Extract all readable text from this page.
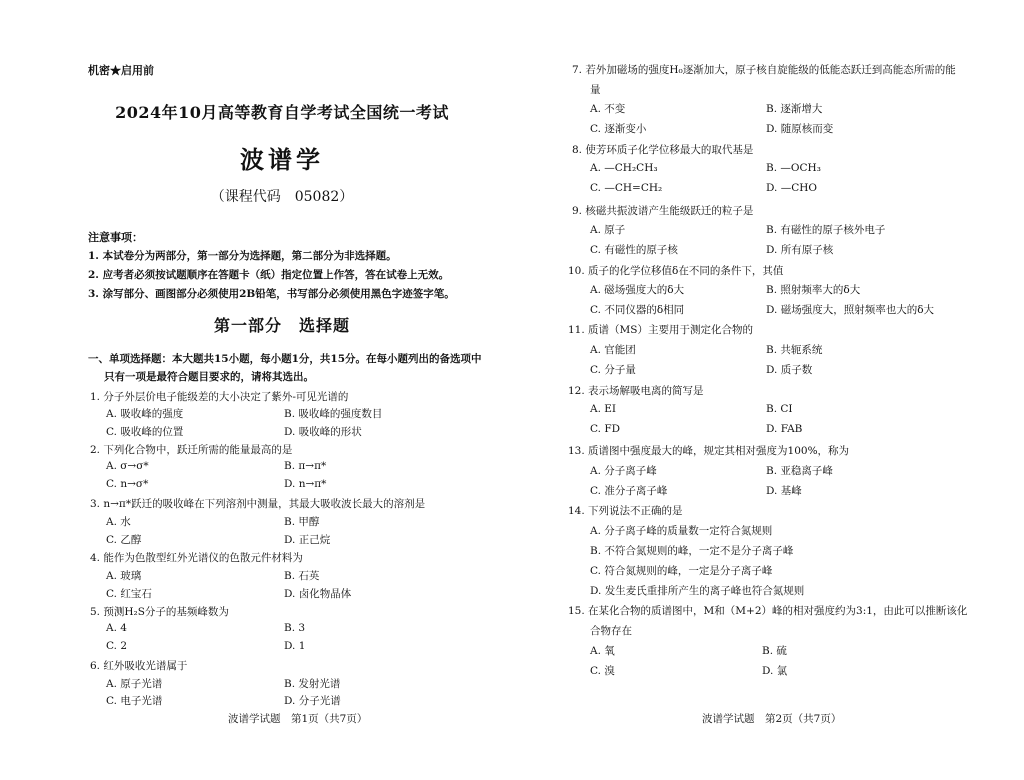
机密★启用前
2024年10月高等教育自学考试全国统一考试
波谱学
（课程代码　05082）
注意事项：
1. 本试卷分为两部分，第一部分为选择题，第二部分为非选择题。
2. 应考者必须按试题顺序在答题卡（纸）指定位置上作答，答在试卷上无效。
3. 涂写部分、画图部分必须使用2B铅笔，书写部分必须使用黑色字迹签字笔。
第一部分　选择题
一、单项选择题：本大题共15小题，每小题1分，共15分。在每小题列出的备选项中
只有一项是最符合题目要求的，请将其选出。
1. 分子外层价电子能级差的大小决定了紫外-可见光谱的
A. 吸收峰的强度	B. 吸收峰的强度数目
C. 吸收峰的位置	D. 吸收峰的形状
2. 下列化合物中，跃迁所需的能量最高的是
A. σ→σ*	B. π→π*
C. n→σ*	D. n→π*
3. n→π*跃迁的吸收峰在下列溶剂中测量，其最大吸收波长最大的溶剂是
A. 水	B. 甲醇
C. 乙醇	D. 正己烷
4. 能作为色散型红外光谱仪的色散元件材料为
A. 玻璃	B. 石英
C. 红宝石	D. 卤化物晶体
5. 预测H₂S分子的基频峰数为
A. 4	B. 3
C. 2	D. 1
6. 红外吸收光谱属于
A. 原子光谱	B. 发射光谱
C. 电子光谱	D. 分子光谱
波谱学试题　第1页（共7页）
7. 若外加磁场的强度H₀逐渐加大，原子核自旋能级的低能态跃迁到高能态所需的能
量
A. 不变	B. 逐渐增大
C. 逐渐变小	D. 随原核而变
8. 使芳环质子化学位移最大的取代基是
A. —CH₂CH₃	B. —OCH₃
C. —CH=CH₂	D. —CHO
9. 核磁共振波谱产生能级跃迁的粒子是
A. 原子	B. 有磁性的原子核外电子
C. 有磁性的原子核	D. 所有原子核
10. 质子的化学位移值δ在不同的条件下，其值
A. 磁场强度大的δ大	B. 照射频率大的δ大
C. 不同仪器的δ相同	D. 磁场强度大，照射频率也大的δ大
11. 质谱（MS）主要用于测定化合物的
A. 官能团	B. 共轭系统
C. 分子量	D. 质子数
12. 表示场解吸电离的简写是
A. EI	B. CI
C. FD	D. FAB
13. 质谱图中强度最大的峰，规定其相对强度为100%，称为
A. 分子离子峰	B. 亚稳离子峰
C. 准分子离子峰	D. 基峰
14. 下列说法不正确的是
A. 分子离子峰的质量数一定符合氮规则
B. 不符合氮规则的峰，一定不是分子离子峰
C. 符合氮规则的峰，一定是分子离子峰
D. 发生麦氏重排所产生的离子峰也符合氮规则
15. 在某化合物的质谱图中，M和（M+2）峰的相对强度约为3:1，由此可以推断该化
合物存在
A. 氧	B. 硫
C. 溴	D. 氯
波谱学试题　第2页（共7页）
